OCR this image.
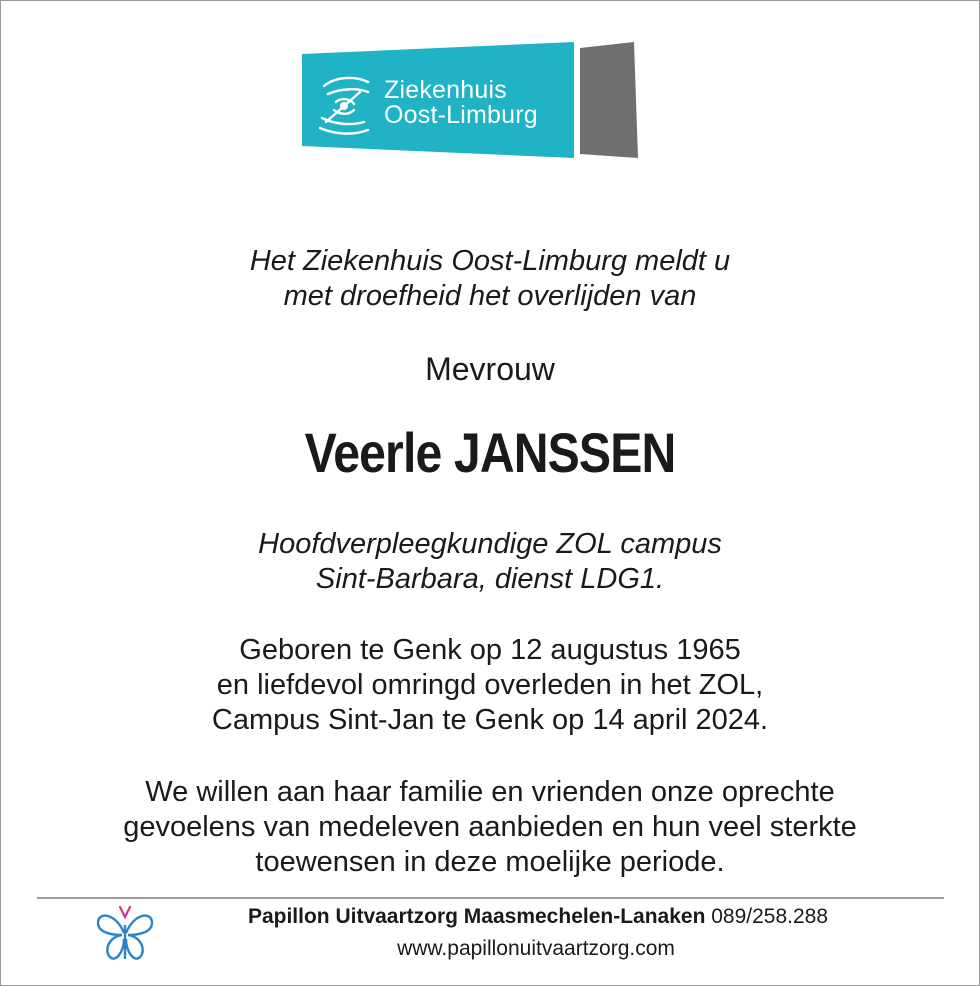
Ziekenhuis
Oost-Limburg
Het Ziekenhuis Oost-Limburg meldt u
met droefheid het overlijden van
Mevrouw
Veerle JANSSEN
Hoofdverpleegkundige ZOL campus
Sint-Barbara, dienst LDG1.
Geboren te Genk op 12 augustus 1965
en liefdevol omringd overleden in het ZOL,
Campus Sint-Jan te Genk op 14 april 2024.
We willen aan haar familie en vrienden onze oprechte
gevoelens van medeleven aanbieden en hun veel sterkte
toewensen in deze moelijke periode.
Papillon Uitvaartzorg Maasmechelen-Lanaken 089/258.288
www.papillonuitvaartzorg.com
